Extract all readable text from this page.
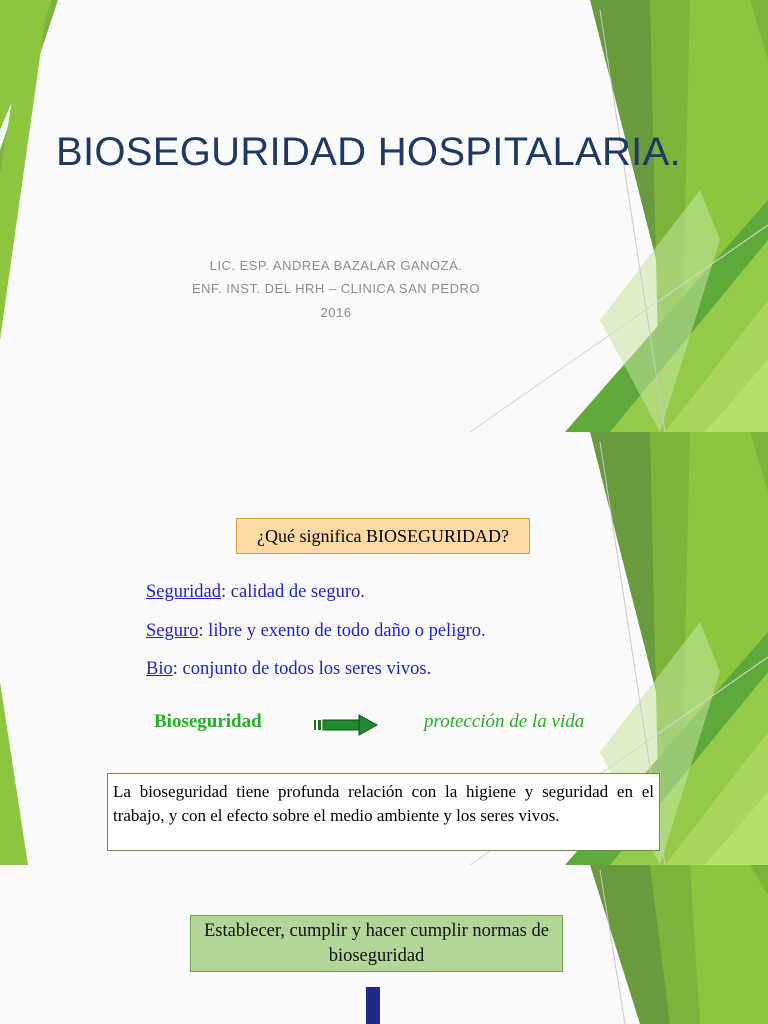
BIOSEGURIDAD HOSPITALARIA.
LIC. ESP. ANDREA BAZALAR GANOZA.
ENF. INST. DEL HRH – CLINICA SAN PEDRO
2016
¿Qué significa BIOSEGURIDAD?
Seguridad: calidad de seguro.
Seguro: libre y exento de todo daño o peligro.
Bio: conjunto de todos los seres vivos.
Bioseguridad	protección de la vida
La bioseguridad tiene profunda relación con la higiene y seguridad en el trabajo, y con el efecto sobre el medio ambiente y los seres vivos.
Establecer, cumplir y hacer cumplir normas de bioseguridad
